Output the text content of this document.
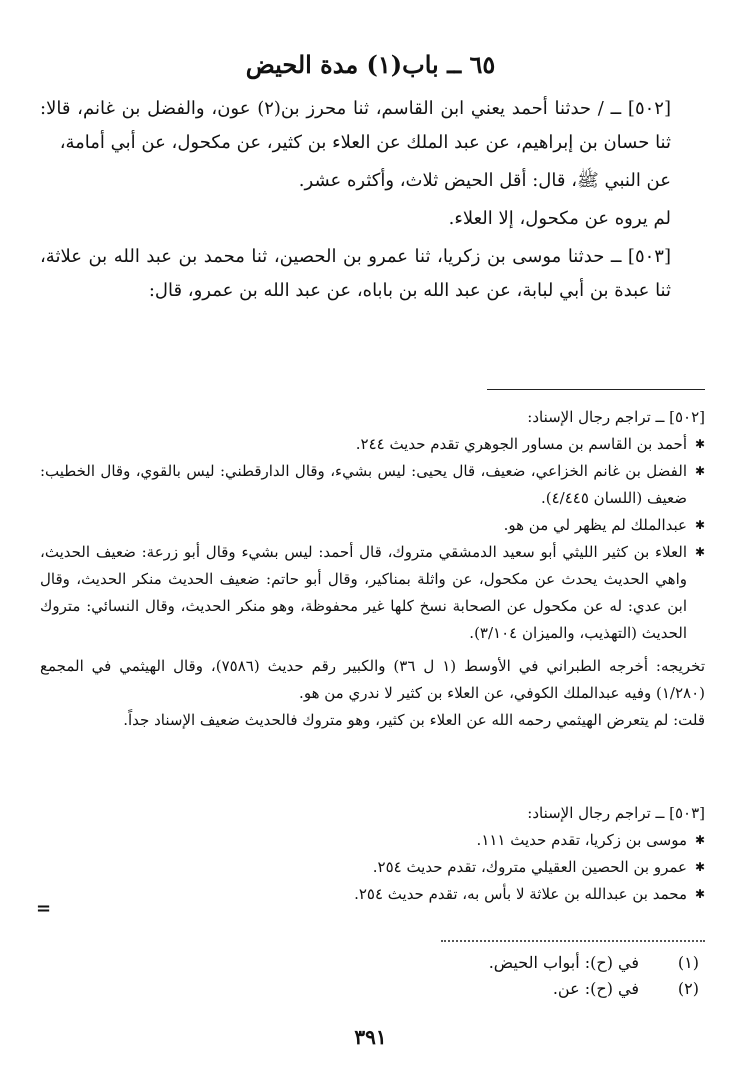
٦٥ ــ باب(١) مدة الحيض

[٥٠٢] ــ / حدثنا أحمد يعني ابن القاسم، ثنا محرز بن(٢) عون، والفضل بن غانم، قالا: ثنا حسان بن إبراهيم، عن عبد الملك عن العلاء بن كثير، عن مكحول، عن أبي أمامة،

عن النبي ﷺ، قال: أقل الحيض ثلاث، وأكثره عشر.

لم يروه عن مكحول، إلا العلاء.

[٥٠٣] ــ حدثنا موسى بن زكريا، ثنا عمرو بن الحصين، ثنا محمد بن عبد الله بن علاثة، ثنا عبدة بن أبي لبابة، عن عبد الله بن باباه، عن عبد الله بن عمرو، قال:

[٥٠٢] ــ تراجم رجال الإسناد:

✱ أحمد بن القاسم بن مساور الجوهري تقدم حديث ٢٤٤.

✱ الفضل بن غانم الخزاعي، ضعيف، قال يحيى: ليس بشيء، وقال الدارقطني: ليس بالقوي، وقال الخطيب: ضعيف (اللسان ٤/٤٤٥).

✱ عبدالملك لم يظهر لي من هو.

✱ العلاء بن كثير الليثي أبو سعيد الدمشقي متروك، قال أحمد: ليس بشيء وقال أبو زرعة: ضعيف الحديث، واهي الحديث يحدث عن مكحول، عن واثلة بمناكير، وقال أبو حاتم: ضعيف الحديث منكر الحديث، وقال ابن عدي: له عن مكحول عن الصحابة نسخ كلها غير محفوظة، وهو منكر الحديث، وقال النسائي: متروك الحديث (التهذيب، والميزان ٣/١٠٤).

تخريجه: أخرجه الطبراني في الأوسط (١ ل ٣٦) والكبير رقم حديث (٧٥٨٦)، وقال الهيثمي في المجمع (١/٢٨٠) وفيه عبدالملك الكوفي، عن العلاء بن كثير لا ندري من هو.

قلت: لم يتعرض الهيثمي رحمه الله عن العلاء بن كثير، وهو متروك فالحديث ضعيف الإسناد جداً.

[٥٠٣] ــ تراجم رجال الإسناد:

✱ موسى بن زكريا، تقدم حديث ١١١.

✱ عمرو بن الحصين العقيلي متروك، تقدم حديث ٢٥٤.

✱ محمد بن عبدالله بن علاثة لا بأس به، تقدم حديث ٢٥٤.

=
(١)
في (ح): أبواب الحيض.
(٢)
في (ح): عن.
٣٩١
